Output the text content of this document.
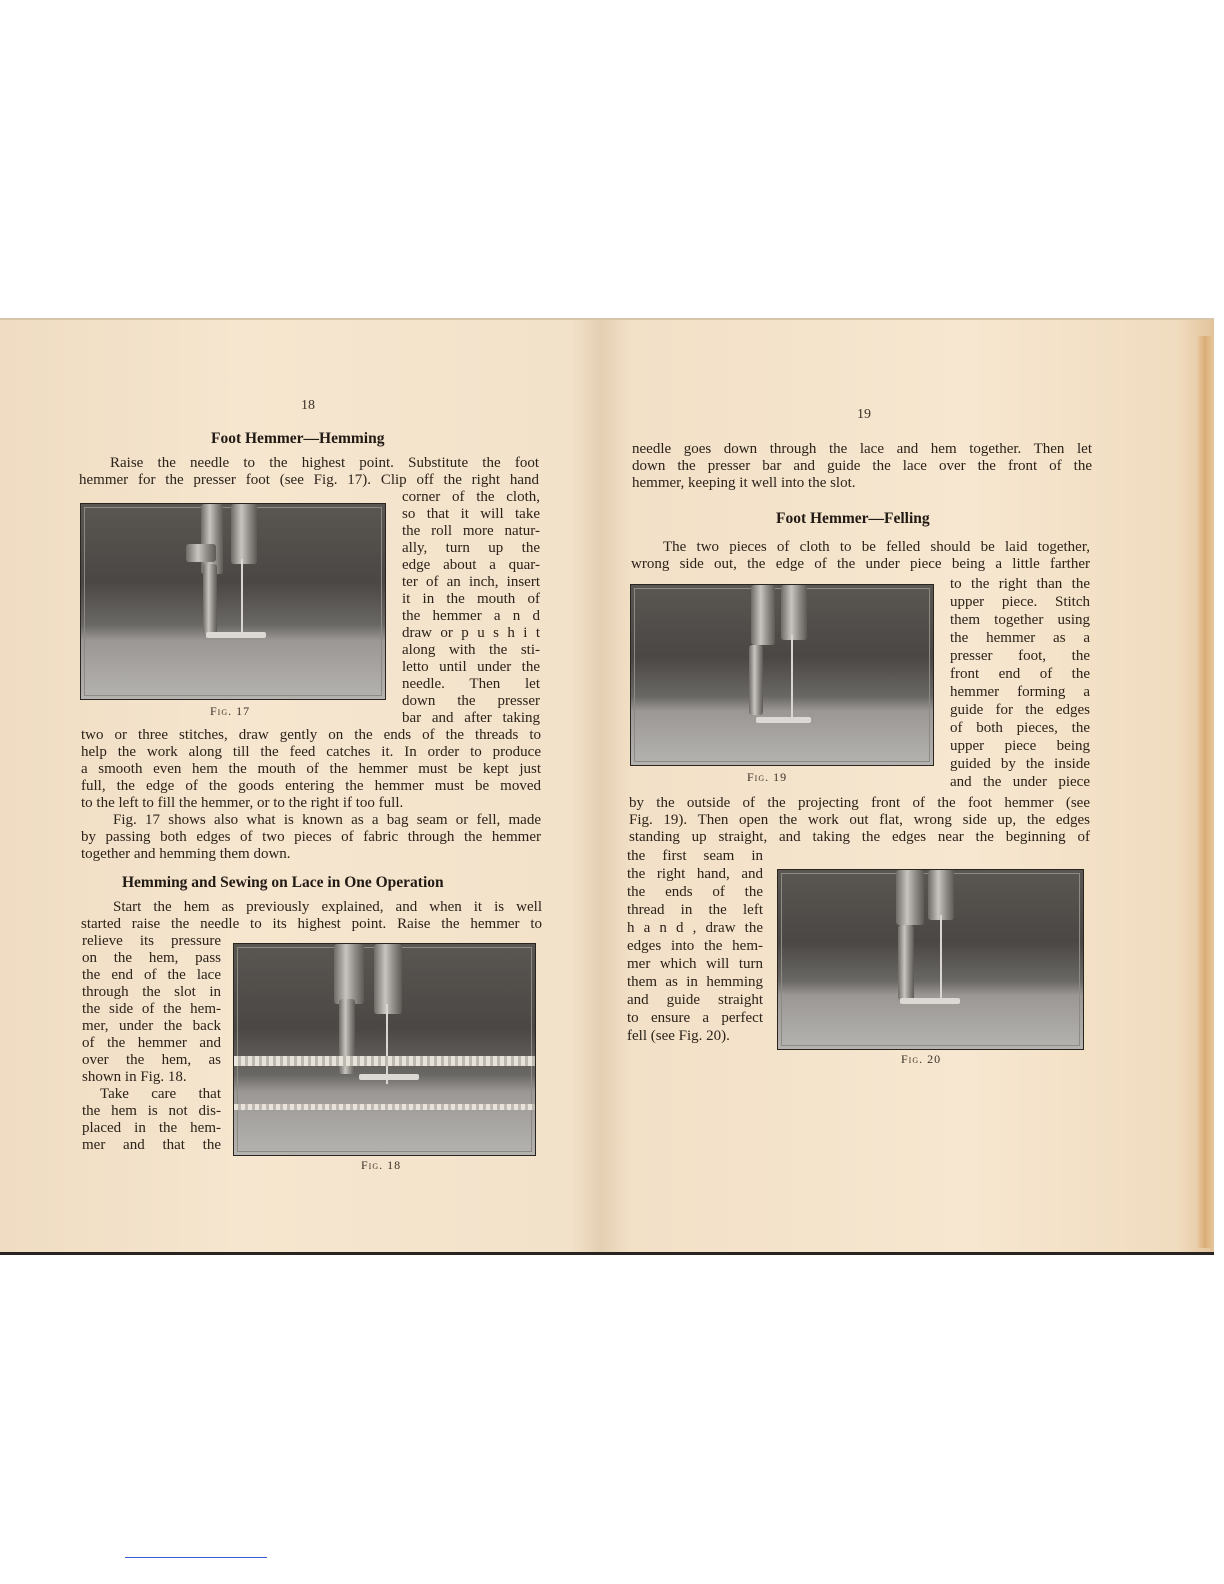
18
Foot Hemmer—Hemming
Raise the needle to the highest point. Substitute the foot
hemmer for the presser foot (see Fig. 17). Clip off the right hand
corner of the cloth,
so that it will take
the roll more natur-
ally, turn up the
edge about a quar-
ter of an inch, insert
it in the mouth of
the hemmer a n d
draw or p u s h i t
along with the sti-
letto until under the
needle. Then let
down the presser
bar and after taking
two or three stitches, draw gently on the ends of the threads to
help the work along till the feed catches it. In order to produce
a smooth even hem the mouth of the hemmer must be kept just
full, the edge of the goods entering the hemmer must be moved
to the left to fill the hemmer, or to the right if too full.
Fig. 17
Fig. 17 shows also what is known as a bag seam or fell, made
by passing both edges of two pieces of fabric through the hemmer
together and hemming them down.
Hemming and Sewing on Lace in One Operation
Start the hem as previously explained, and when it is well
started raise the needle to its highest point. Raise the hemmer to
relieve its pressure
on the hem, pass
the end of the lace
through the slot in
the side of the hem-
mer, under the back
of the hemmer and
over the hem, as
shown in Fig. 18.
Take care that
the hem is not dis-
placed in the hem-
mer and that the
Fig. 18
19
needle goes down through the lace and hem together. Then let
down the presser bar and guide the lace over the front of the
hemmer, keeping it well into the slot.
Foot Hemmer—Felling
The two pieces of cloth to be felled should be laid together,
wrong side out, the edge of the under piece being a little farther
to the right than the
upper piece. Stitch
them together using
the hemmer as a
presser foot, the
front end of the
hemmer forming a
guide for the edges
of both pieces, the
upper piece being
guided by the inside
and the under piece
by the outside of the projecting front of the foot hemmer (see
Fig. 19). Then open the work out flat, wrong side up, the edges
standing up straight, and taking the edges near the beginning of
the first seam in
the right hand, and
the ends of the
thread in the left
h a n d , draw the
edges into the hem-
mer which will turn
them as in hemming
and guide straight
to ensure a perfect
fell (see Fig. 20).
Fig. 19
Fig. 20
